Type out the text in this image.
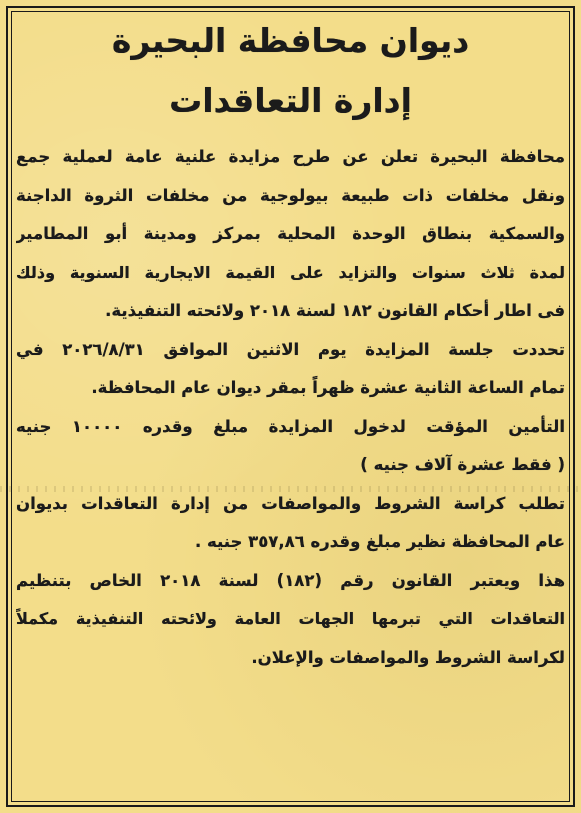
ديوان محافظة البحيرة
إدارة التعاقدات
محافظة البحيرة تعلن عن طرح مزايدة علنية عامة لعملية جمع
ونقل مخلفات ذات طبيعة بيولوجية من مخلفات الثروة الداجنة
والسمكية بنطاق الوحدة المحلية بمركز ومدينة أبو المطامير
لمدة ثلاث سنوات والتزايد على القيمة الايجارية السنوية وذلك
فى اطار أحكام القانون ١٨٢ لسنة ٢٠١٨ ولائحته التنفيذية.
تحددت جلسة المزايدة يوم الاثنين الموافق ٢٠٢٦/٨/٣١ في
تمام الساعة الثانية عشرة ظهراً بمقر ديوان عام المحافظة.
التأمين المؤقت لدخول المزايدة مبلغ وقدره ١٠٠٠٠ جنيه
( فقط عشرة آلاف جنيه )
تطلب كراسة الشروط والمواصفات من إدارة التعاقدات بديوان
عام المحافظة نظير مبلغ وقدره ٣٥٧,٨٦ جنيه .
هذا ويعتبر القانون رقم (١٨٢) لسنة ٢٠١٨ الخاص بتنظيم
التعاقدات التي تبرمها الجهات العامة ولائحته التنفيذية مكملاً
لكراسة الشروط والمواصفات والإعلان.
